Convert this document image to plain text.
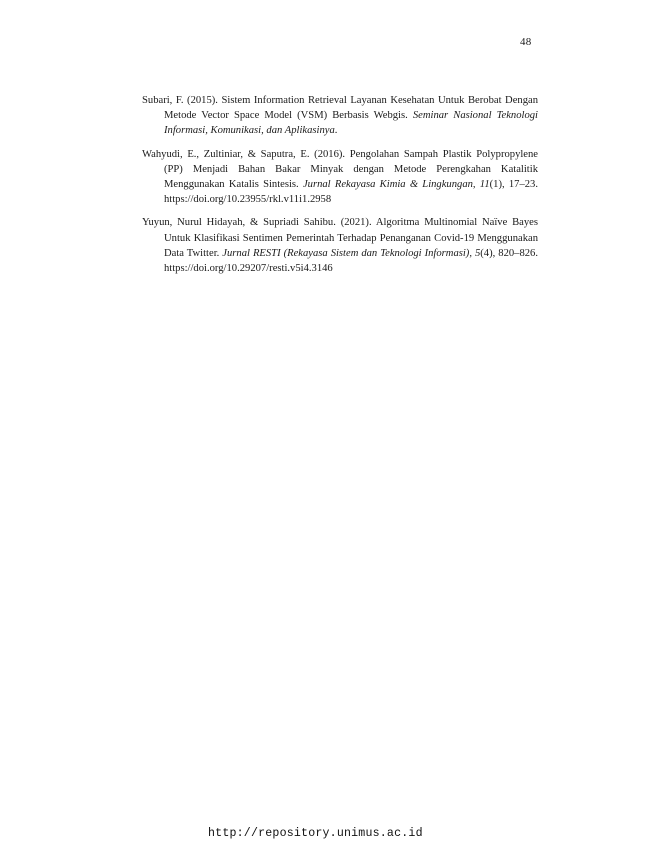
48

Subari, F. (2015). Sistem Information Retrieval Layanan Kesehatan Untuk Berobat Dengan Metode Vector Space Model (VSM) Berbasis Webgis. Seminar Nasional Teknologi Informasi, Komunikasi, dan Aplikasinya.

Wahyudi, E., Zultiniar, & Saputra, E. (2016). Pengolahan Sampah Plastik Polypropylene (PP) Menjadi Bahan Bakar Minyak dengan Metode Perengkahan Katalitik Menggunakan Katalis Sintesis. Jurnal Rekayasa Kimia & Lingkungan, 11(1), 17–23. https://doi.org/10.23955/rkl.v11i1.2958

Yuyun, Nurul Hidayah, & Supriadi Sahibu. (2021). Algoritma Multinomial Naïve Bayes Untuk Klasifikasi Sentimen Pemerintah Terhadap Penanganan Covid-19 Menggunakan Data Twitter. Jurnal RESTI (Rekayasa Sistem dan Teknologi Informasi), 5(4), 820–826. https://doi.org/10.29207/resti.v5i4.3146

http://repository.unimus.ac.id
